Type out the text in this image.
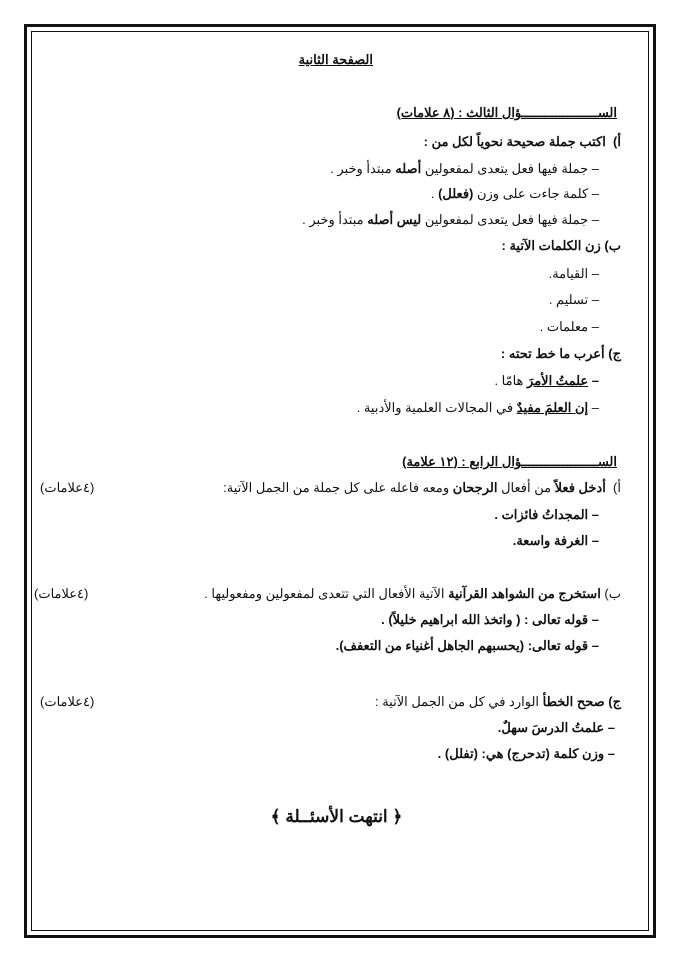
الصفحة الثانية
الســــــــــــــــــــؤال الثالث : (٨ علامات)
أ)  اكتب جملة صحيحة نحوياً لكل من :
– جملة فيها فعل يتعدى لمفعولين أصله مبتدأ وخبر .
– كلمة جاءت على وزن (فعلل) .
– جملة فيها فعل يتعدى لمفعولين ليس أصله مبتدأ وخبر .
ب) زن الكلمات الآتية :
– القيامة.
– تسليم .
– معلمات .
ج) أعرب ما خط تحته :
– علمتُ الأمرَ هامّا .
– إن العلمَ مفيدٌ في المجالات العلمية والأدبية .
الســــــــــــــــــــؤال الرابع : (١٢ علامة)
أ)  أدخل فعلاً من أفعال الرجحان ومعه فاعله على كل جملة من الجمل الآتية:
(٤علامات)
– المجداتُ فائزات .
– الغرفة واسعة.
ب) استخرج من الشواهد القرآنية الآتية الأفعال التي تتعدى لمفعولين ومفعوليها .
(٤علامات)
– قوله تعالى : ( واتخذ الله ابراهيم خليلاً) .
– قوله تعالى: (يحسبهم الجاهل أغنياء من التعفف).
ج) صحح الخطأ الوارد في كل من الجمل الآتية :
(٤علامات)
– علمتُ الدرسَ سهلٌ.
– وزن كلمة (تدحرج) هي: (تفلل) .
﴿ انتهت الأسئــلة ﴾
